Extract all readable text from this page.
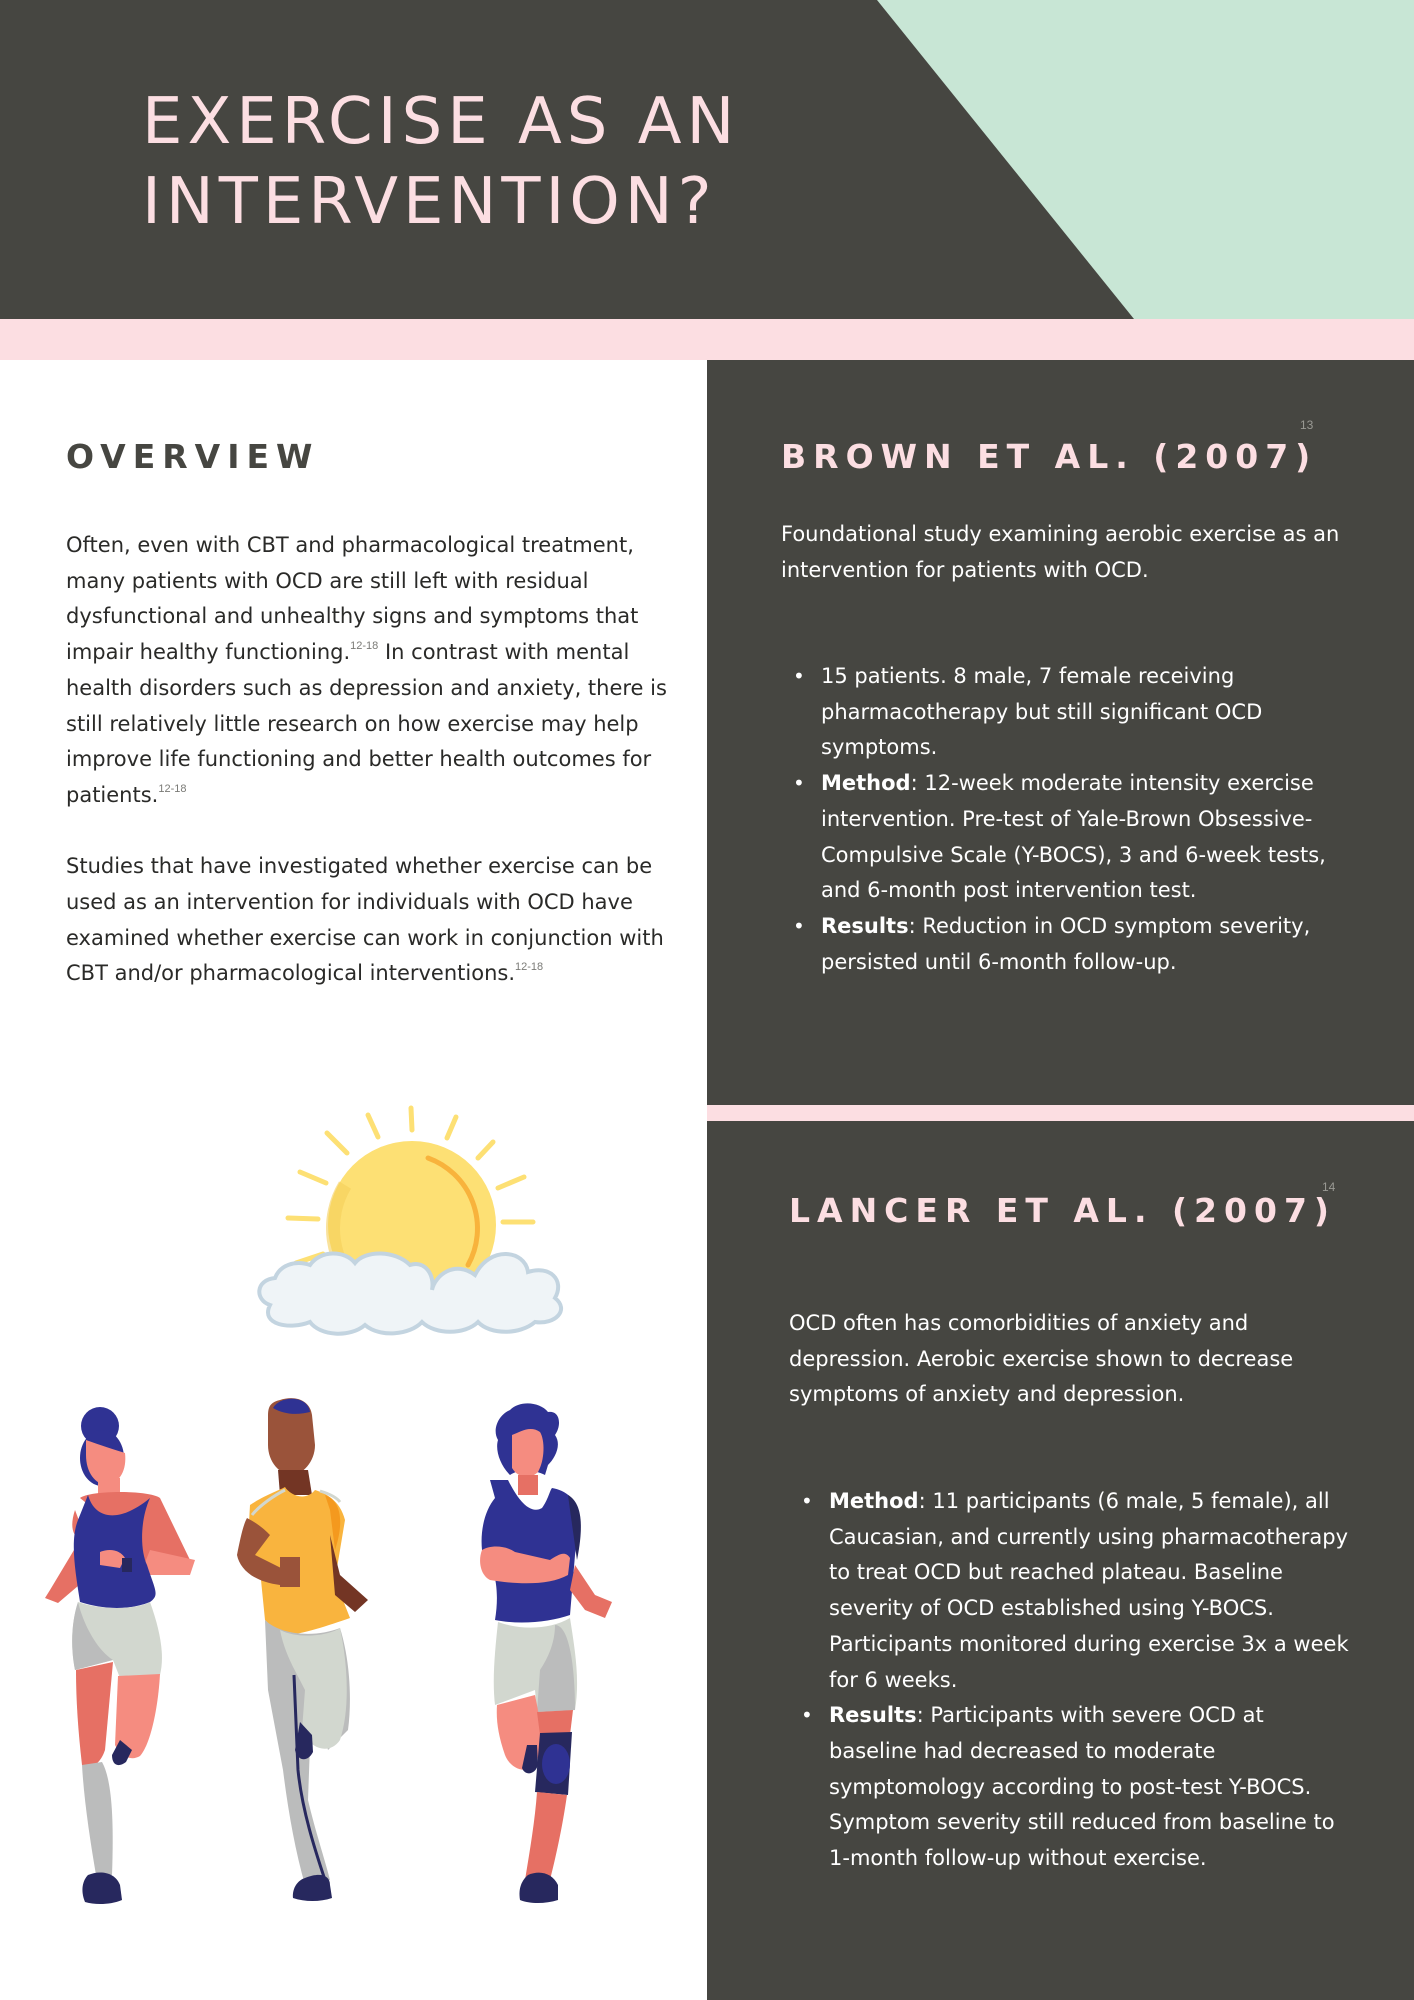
EXERCISE AS AN
INTERVENTION?
OVERVIEW

Often, even with CBT and pharmacological treatment, many patients with OCD are still left with residual dysfunctional and unhealthy signs and symptoms that impair healthy functioning.$^{12-18}$ In contrast with mental health disorders such as depression and anxiety, there is still relatively little research on how exercise may help improve life functioning and better health outcomes for patients.$^{12-18}$

Studies that have investigated whether exercise can be used as an intervention for individuals with OCD have examined whether exercise can work in conjunction with CBT and/or pharmacological interventions.$^{12-18}$

BROWN ET AL. (2007)
13

Foundational study examining aerobic exercise as an intervention for patients with OCD.

• 15 patients. 8 male, 7 female receiving pharmacotherapy but still significant OCD symptoms.
• Method: 12-week moderate intensity exercise intervention. Pre-test of Yale-Brown Obsessive-Compulsive Scale (Y-BOCS), 3 and 6-week tests, and 6-month post intervention test.
• Results: Reduction in OCD symptom severity, persisted until 6-month follow-up.
LANCER ET AL. (2007)
14

OCD often has comorbidities of anxiety and depression. Aerobic exercise shown to decrease symptoms of anxiety and depression.

• Method: 11 participants (6 male, 5 female), all Caucasian, and currently using pharmacotherapy to treat OCD but reached plateau. Baseline severity of OCD established using Y-BOCS. Participants monitored during exercise 3x a week for 6 weeks.
• Results: Participants with severe OCD at baseline had decreased to moderate symptomology according to post-test Y-BOCS. Symptom severity still reduced from baseline to 1-month follow-up without exercise.
